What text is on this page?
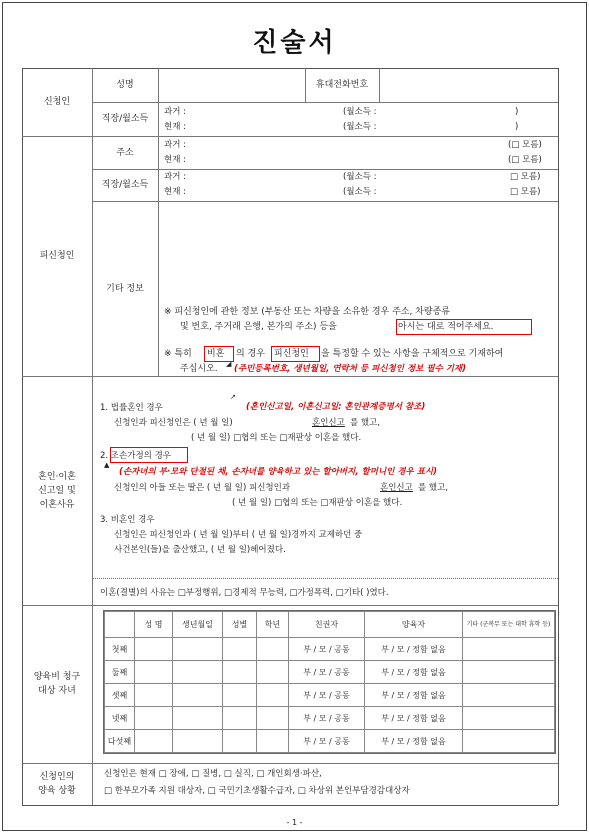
진술서
신청인
성명	휴대전화번호
직장/월소득
과거 :	(월소득 :	)
현재 :	(월소득 :	)
피신청인
주소
과거 :	(□ 모름)
현재 :	(□ 모름)
직장/월소득
과거 :	(월소득 :	□ 모름)
현재 :	(월소득 :	□ 모름)
기타 정보
※ 피신청인에 관한 정보 (부동산 또는 차량을 소유한 경우 주소, 차량종류
및 번호, 주거래 은행, 본가의 주소) 등을	아시는 대로 적어주세요.
※ 특히 비혼 의 경우 피신청인 을 특정할 수 있는 사항을 구체적으로 기재하여
주십시오. (주민등록번호, 생년월일, 연락처 등 피신청인 정보 필수 기재)
◢
혼인·이혼
신고일 및
이혼사유
1. 법률혼인 경우
↗
(혼인신고일, 이혼신고일: 혼인관계증명서 참조)
신청인과 피신청인은 ( 년 월 일)	혼인신고 를 했고,
( 년 월 일) □협의 또는 □재판상 이혼을 했다.
2. 조손가정의 경우
▲
(손자녀의 부·모와 단절된 채, 손자녀를 양육하고 있는 할아버지, 할머니인 경우 표시)
신청인의 아들 또는 딸은 ( 년 월 일) 피신청인과	혼인신고 를 했고,
( 년 월 일) □협의 또는 □재판상 이혼을 했다.
3. 비혼인 경우
신청인은 피신청인과 ( 년 월 일)부터 ( 년 월 일)경까지 교제하던 중
사건본인(들)을 출산했고, ( 년 월 일)헤어졌다.
이혼(결별)의 사유는 □부정행위, □경제적 무능력, □가정폭력, □기타( )였다.
양육비 청구
대상 자녀
	성 명	생년월일	성별	학년	친권자	양육자	기타 (군복무 또는 대학 휴학 등)
첫째					부 / 모 / 공동	부 / 모 / 정함 없음	
둘째					부 / 모 / 공동	부 / 모 / 정함 없음	
셋째					부 / 모 / 공동	부 / 모 / 정함 없음	
넷째					부 / 모 / 공동	부 / 모 / 정함 없음	
다섯째					부 / 모 / 공동	부 / 모 / 정함 없음	
신청인의
양육 상황
신청인은 현재 □ 장애, □ 질병, □ 실직, □ 개인회생·파산,
□ 한부모가족 지원 대상자, □ 국민기초생활수급자, □ 차상위 본인부담경감대상자
- 1 -
